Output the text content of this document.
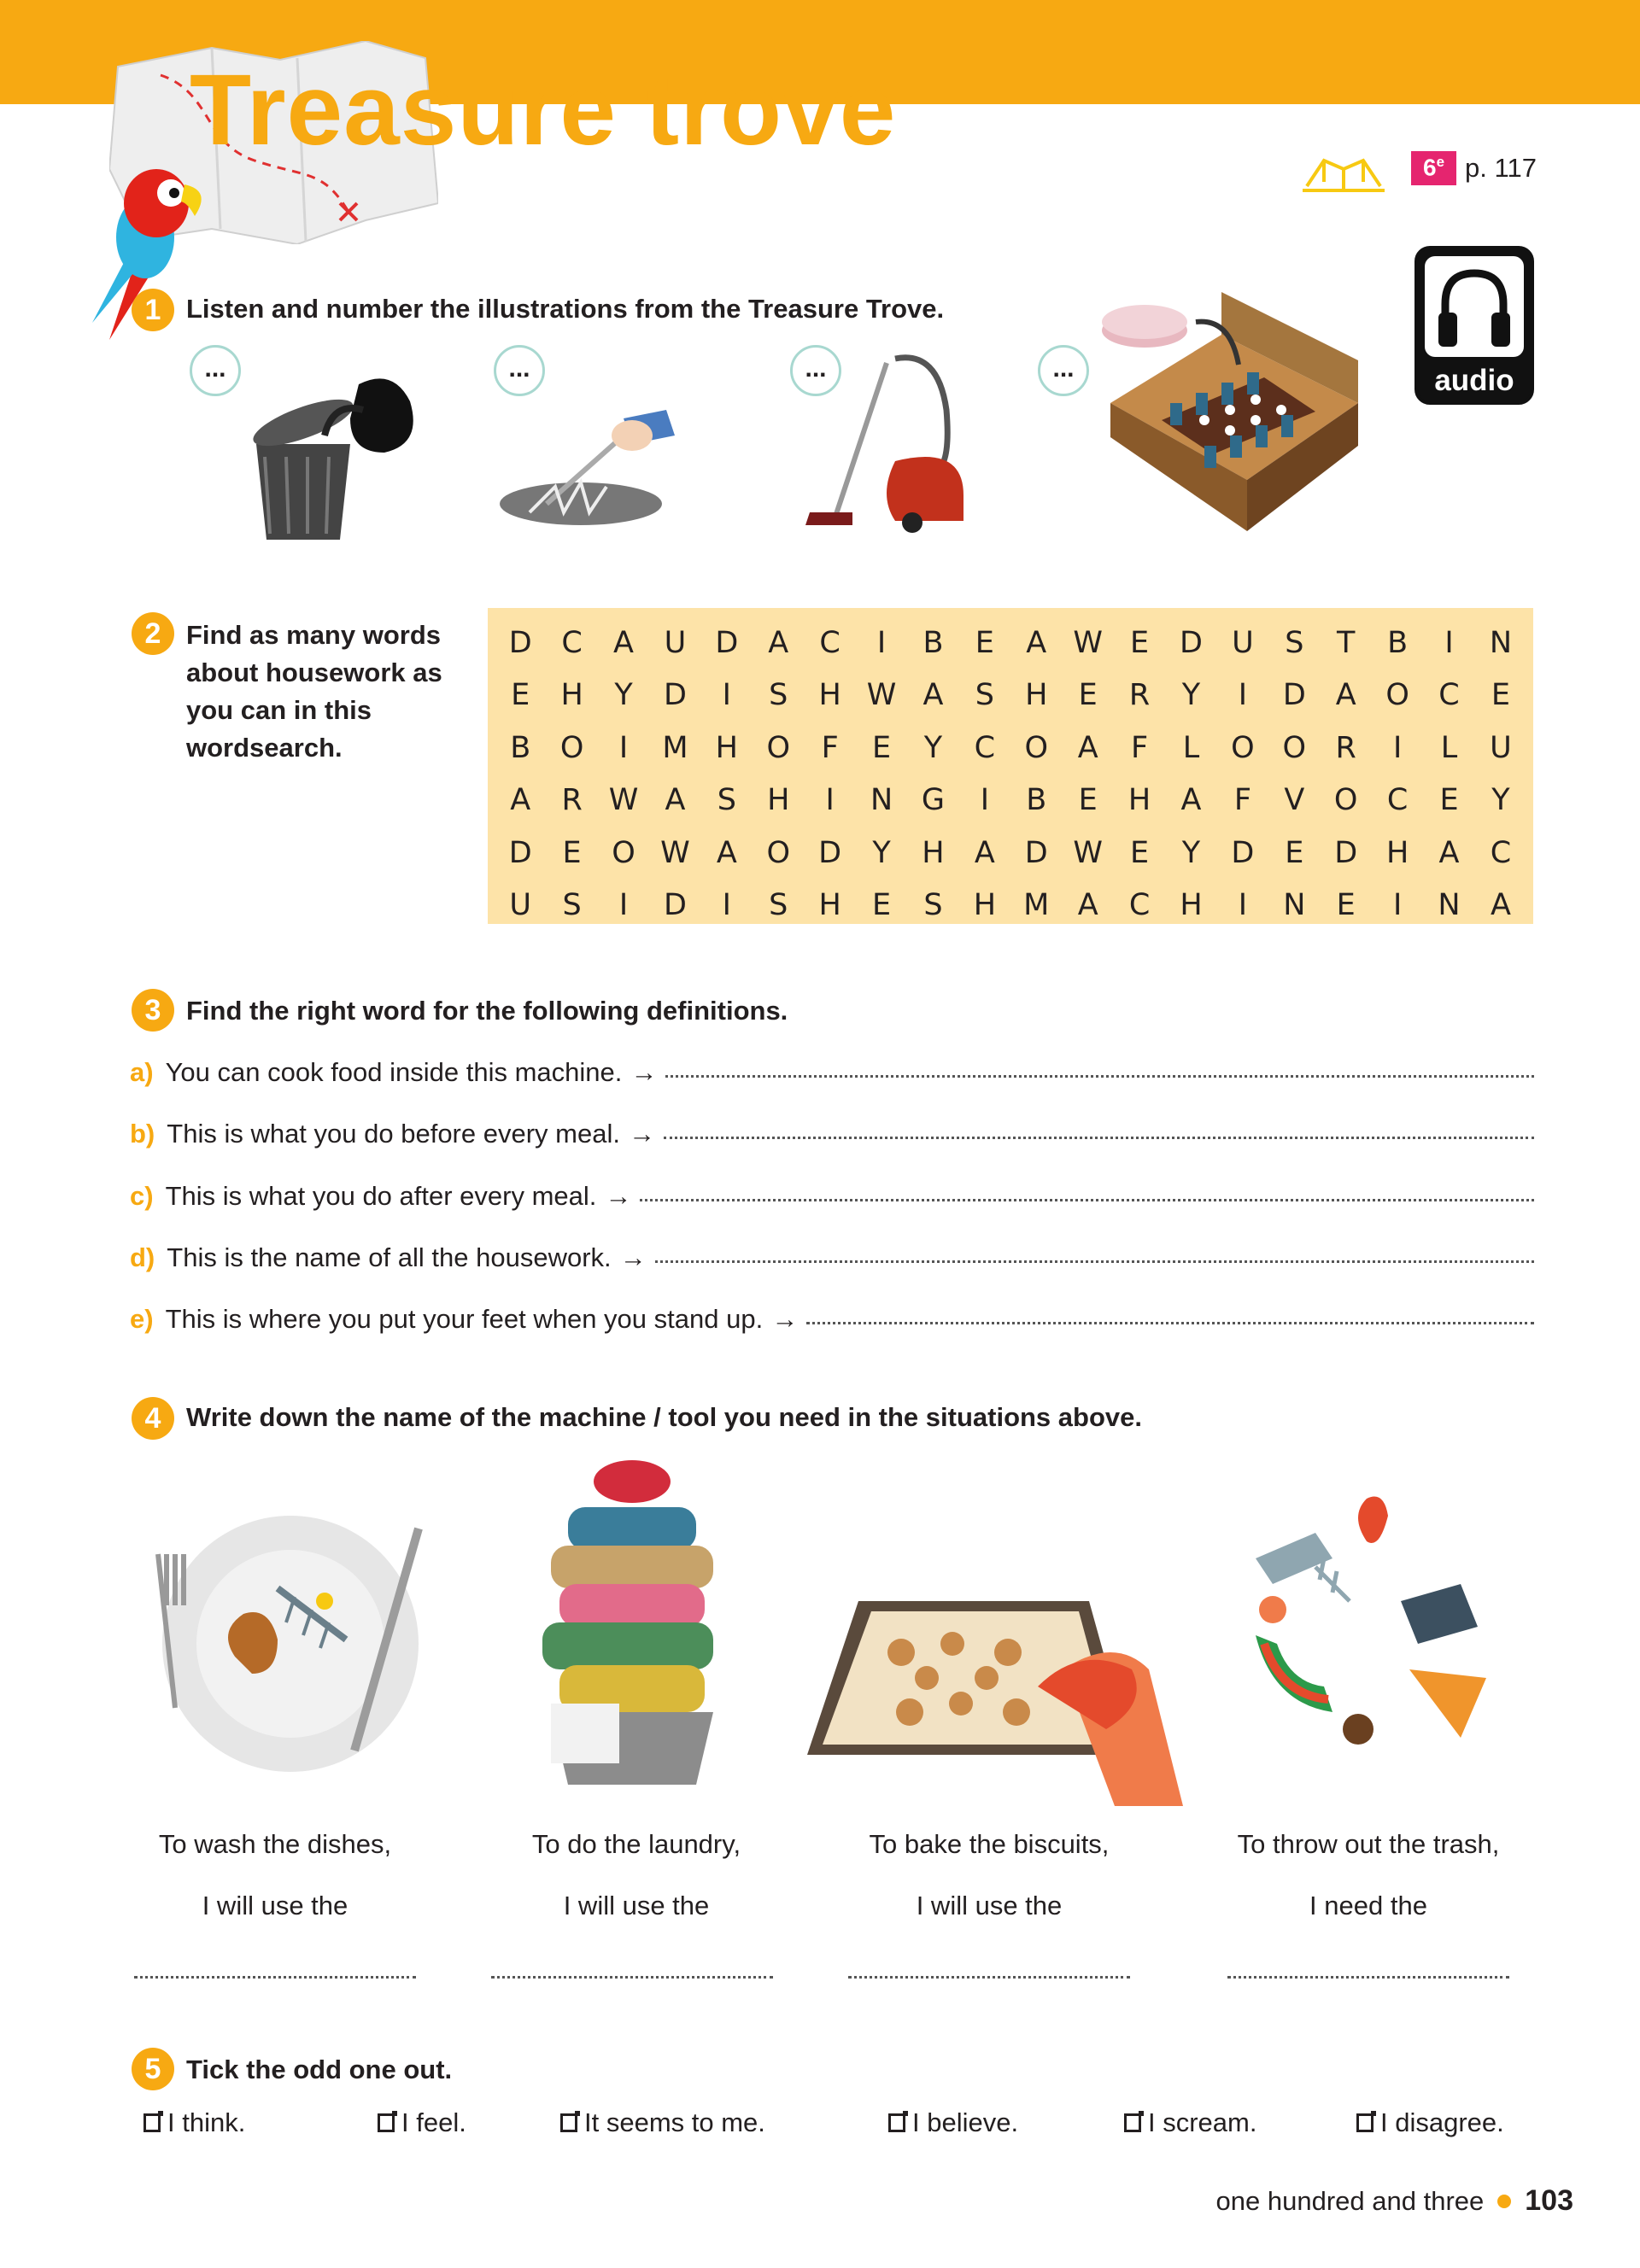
Treasure trove
6e p. 117
audio
1 Listen and number the illustrations from the Treasure Trove.
...	...	...	...
2 Find as many words about housework as you can in this wordsearch.
D C	A	U D A	C	I	B	E	A W E	D U	S	T	B	I	N
E	H	Y	D	I	S	H W A	S	H	E	R	Y	I	D A O C	E
B O	I	M H O	F	E	Y	C O A	F	L	O O R	I	L	U
A	R W A	S	H	I	N G	I	B	E	H	A	F	V O C	E	Y
D	E	O W A O D	Y	H	A D W E	Y	D	E	D H	A	C
U	S	I	D	I	S	H	E	S	H M A	C	H	I	N	E	I	N	A
3 Find the right word for the following definitions.
a) You can cook food inside this machine. →
b) This is what you do before every meal. →
c) This is what you do after every meal. →
d) This is the name of all the housework. →
e) This is where you put your feet when you stand up. →
4 Write down the name of the machine / tool you need in the situations above.
To wash the dishes,
I will use the
To do the laundry,
I will use the
To bake the biscuits,
I will use the
To throw out the trash,
I need the
5 Tick the odd one out.
I think.	I feel.	It seems to me.	I believe.	I scream.	I disagree.
one hundred and three 103
